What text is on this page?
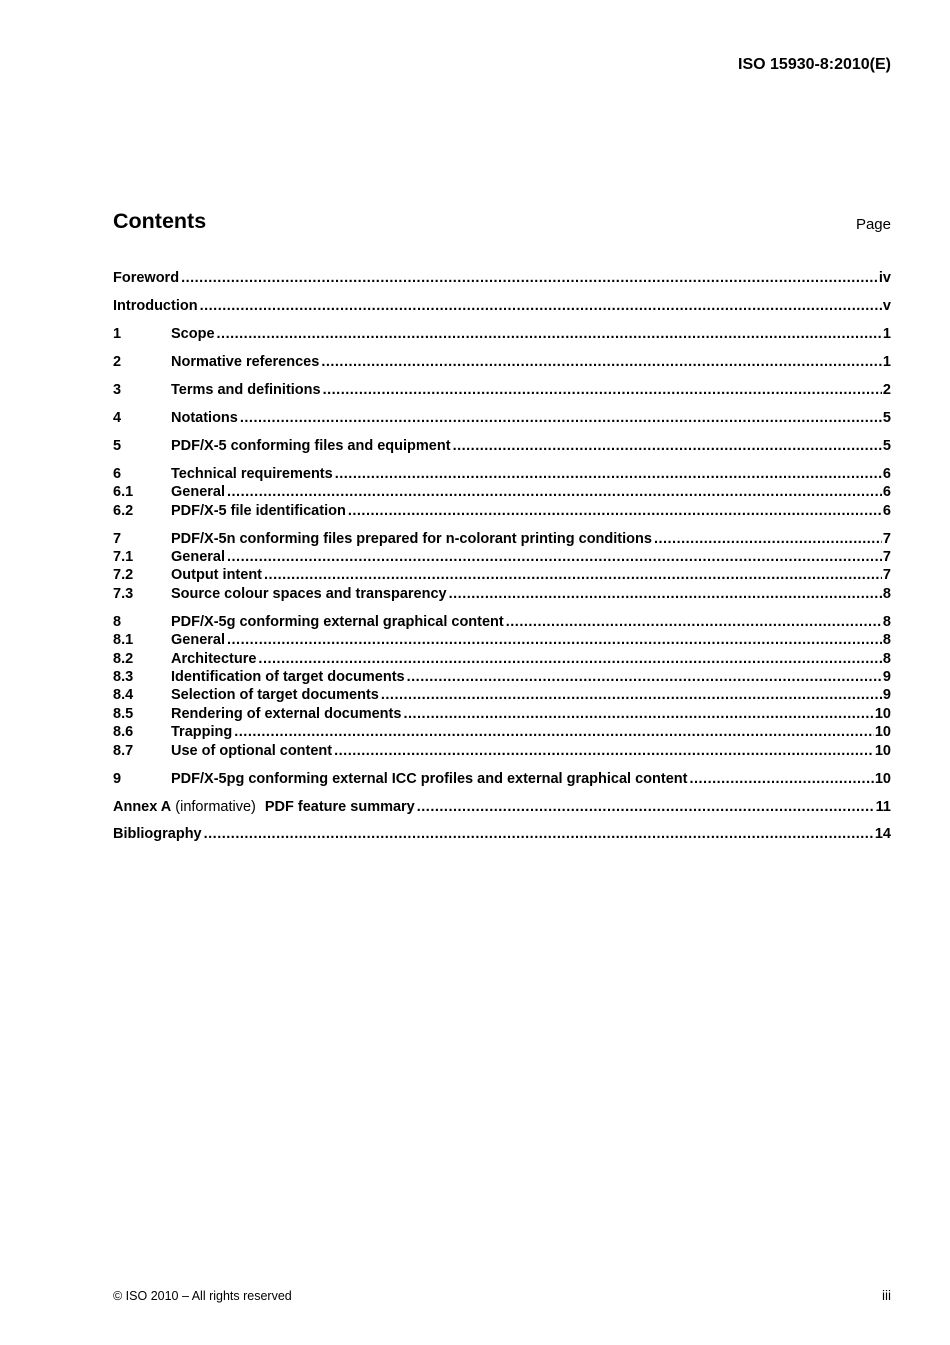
ISO 15930-8:2010(E)
Contents	Page
Foreword .....	iv
Introduction .....	v
1	Scope .....	1
2	Normative references .....	1
3	Terms and definitions .....	2
4	Notations .....	5
5	PDF/X-5 conforming files and equipment .....	5
6	Technical requirements .....	6
6.1	General .....	6
6.2	PDF/X-5 file identification .....	6
7	PDF/X-5n conforming files prepared for n-colorant printing conditions .....	7
7.1	General .....	7
7.2	Output intent .....	7
7.3	Source colour spaces and transparency .....	8
8	PDF/X-5g conforming external graphical content .....	8
8.1	General .....	8
8.2	Architecture .....	8
8.3	Identification of target documents .....	9
8.4	Selection of target documents .....	9
8.5	Rendering of external documents .....	10
8.6	Trapping .....	10
8.7	Use of optional content .....	10
9	PDF/X-5pg conforming external ICC profiles and external graphical content .....	10
Annex A (informative) PDF feature summary .....	11
Bibliography .....	14
© ISO 2010 – All rights reserved	iii
